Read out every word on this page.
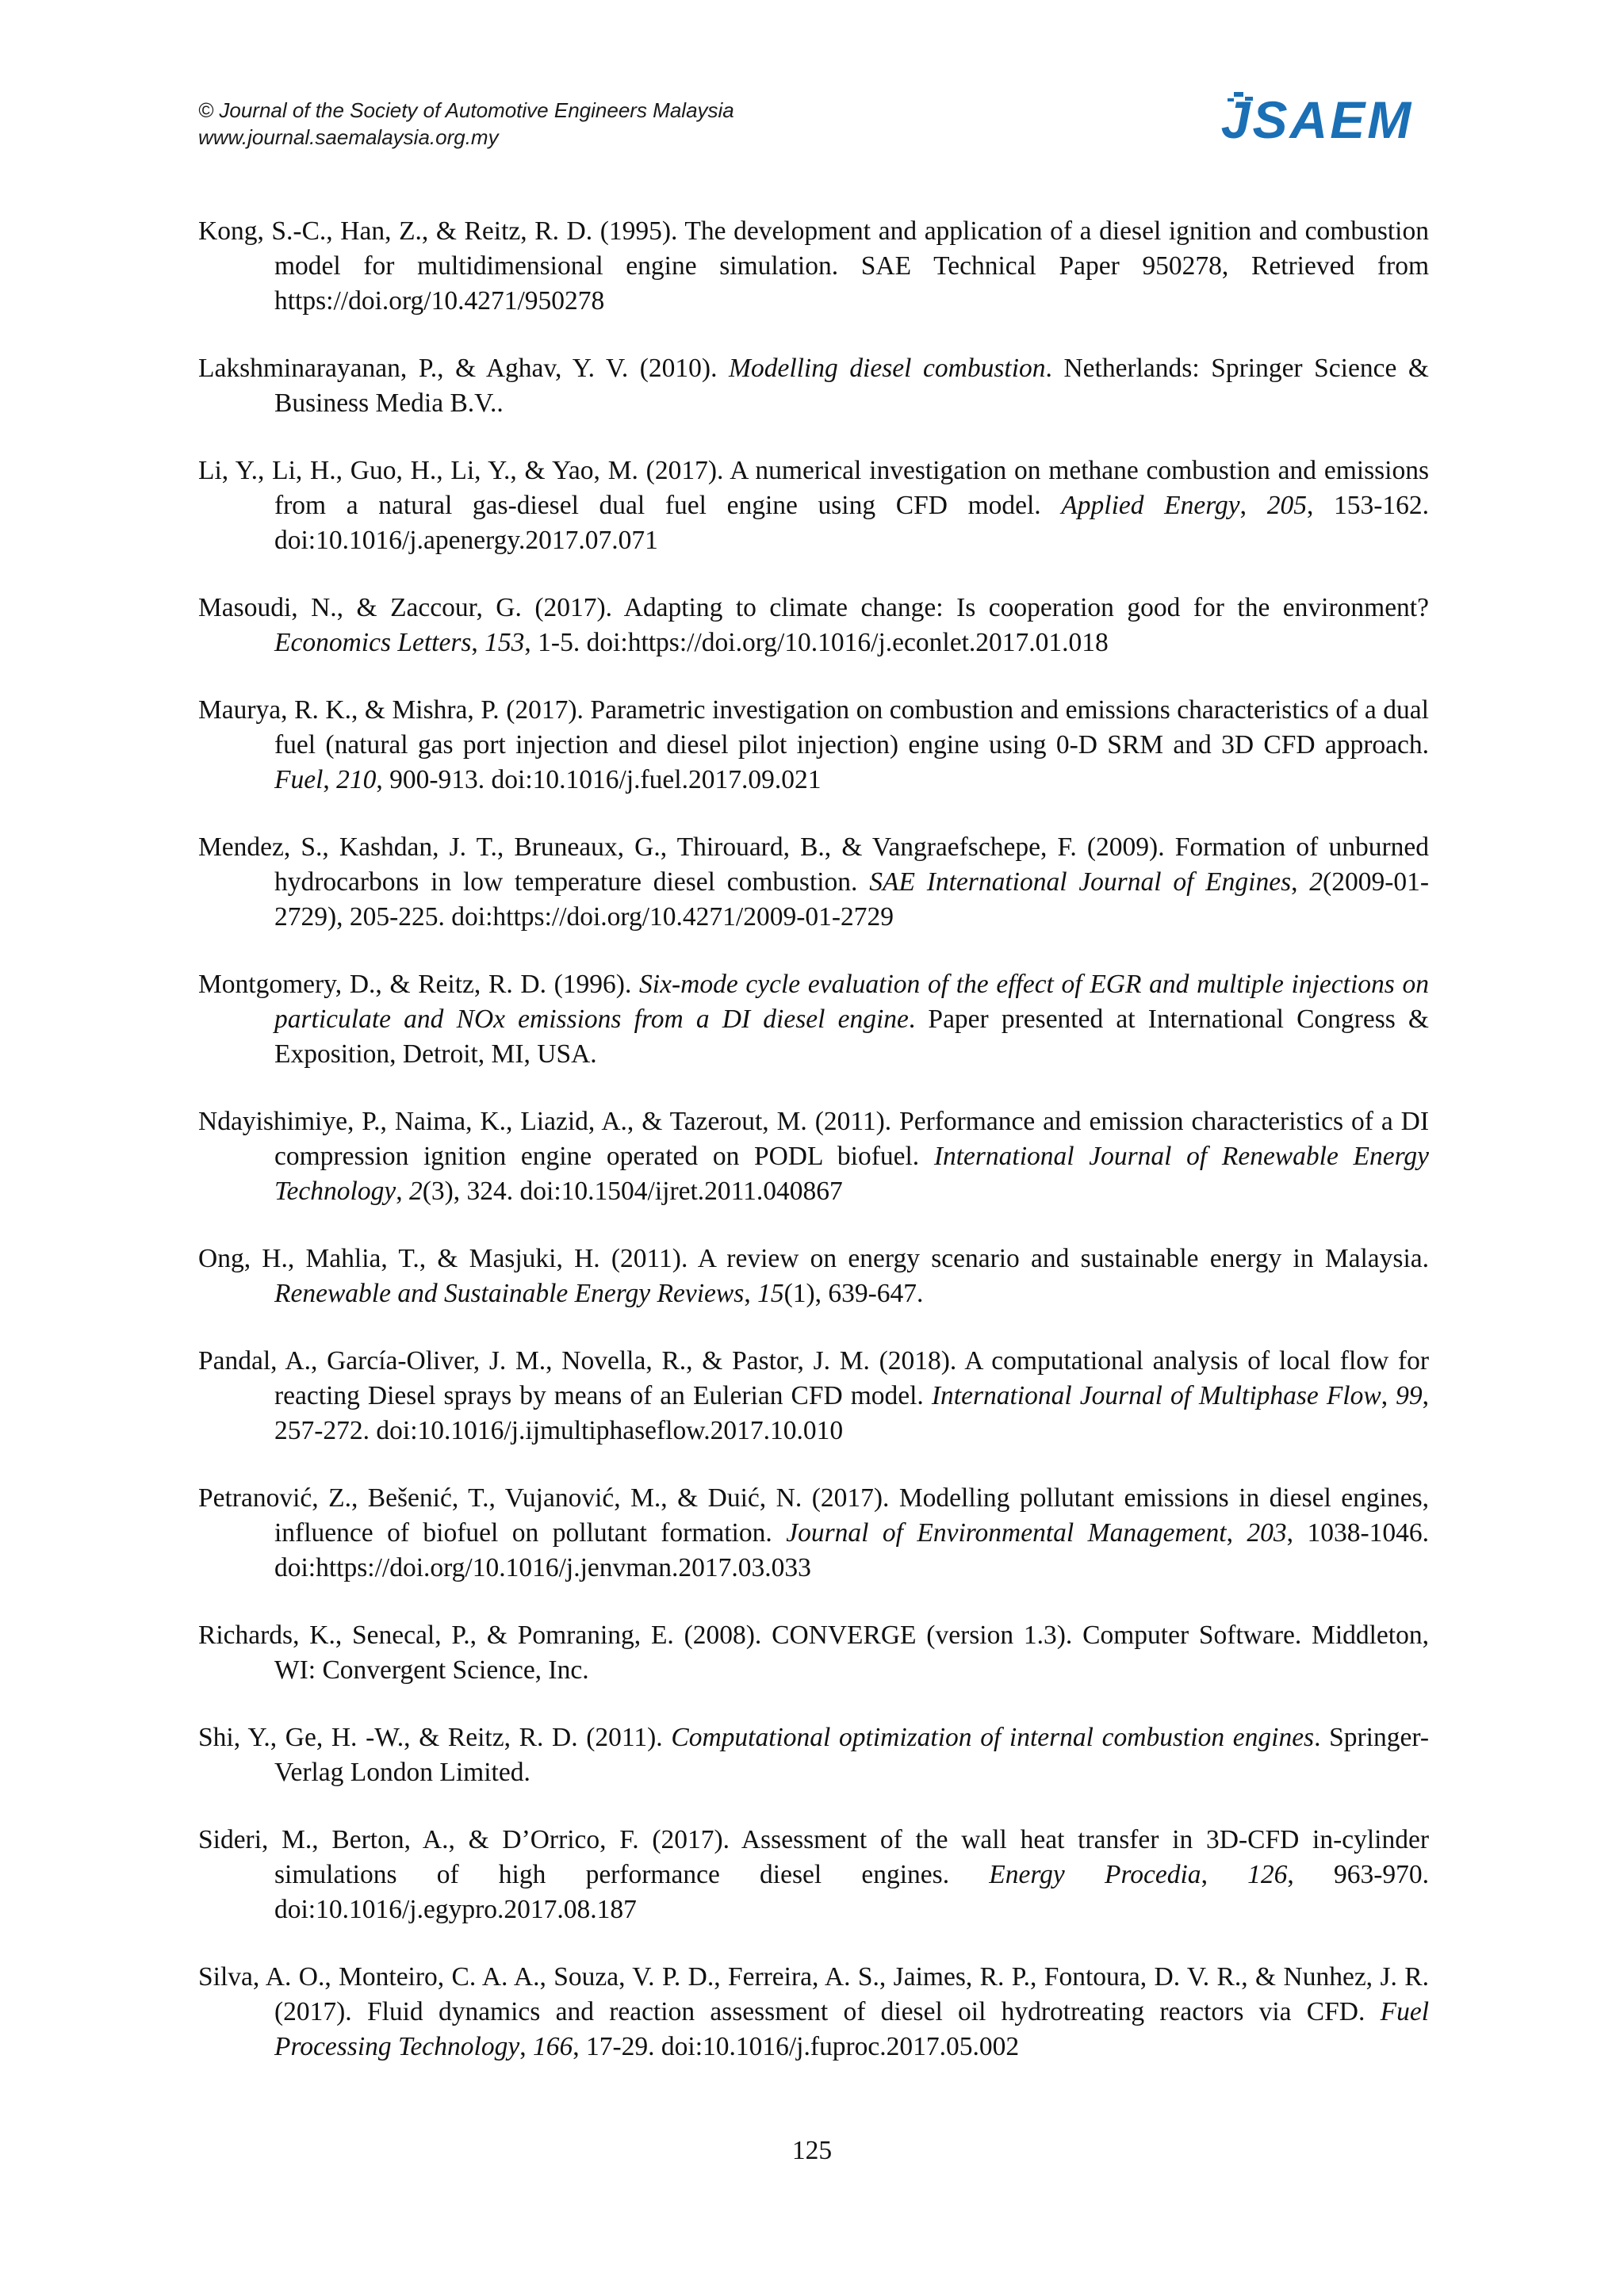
© Journal of the Society of Automotive Engineers Malaysia
www.journal.saemalaysia.org.my	JSAEM

Kong, S.-C., Han, Z., & Reitz, R. D. (1995). The development and application of a diesel ignition and combustion model for multidimensional engine simulation. SAE Technical Paper 950278, Retrieved from https://doi.org/10.4271/950278

Lakshminarayanan, P., & Aghav, Y. V. (2010). Modelling diesel combustion. Netherlands: Springer Science & Business Media B.V..

Li, Y., Li, H., Guo, H., Li, Y., & Yao, M. (2017). A numerical investigation on methane combustion and emissions from a natural gas-diesel dual fuel engine using CFD model. Applied Energy, 205, 153-162. doi:10.1016/j.apenergy.2017.07.071

Masoudi, N., & Zaccour, G. (2017). Adapting to climate change: Is cooperation good for the environment? Economics Letters, 153, 1-5. doi:https://doi.org/10.1016/j.econlet.2017.01.018

Maurya, R. K., & Mishra, P. (2017). Parametric investigation on combustion and emissions characteristics of a dual fuel (natural gas port injection and diesel pilot injection) engine using 0-D SRM and 3D CFD approach. Fuel, 210, 900-913. doi:10.1016/j.fuel.2017.09.021

Mendez, S., Kashdan, J. T., Bruneaux, G., Thirouard, B., & Vangraefschepe, F. (2009). Formation of unburned hydrocarbons in low temperature diesel combustion. SAE International Journal of Engines, 2(2009-01-2729), 205-225. doi:https://doi.org/10.4271/2009-01-2729

Montgomery, D., & Reitz, R. D. (1996). Six-mode cycle evaluation of the effect of EGR and multiple injections on particulate and NOx emissions from a DI diesel engine. Paper presented at International Congress & Exposition, Detroit, MI, USA.

Ndayishimiye, P., Naima, K., Liazid, A., & Tazerout, M. (2011). Performance and emission characteristics of a DI compression ignition engine operated on PODL biofuel. International Journal of Renewable Energy Technology, 2(3), 324. doi:10.1504/ijret.2011.040867

Ong, H., Mahlia, T., & Masjuki, H. (2011). A review on energy scenario and sustainable energy in Malaysia. Renewable and Sustainable Energy Reviews, 15(1), 639-647.

Pandal, A., García-Oliver, J. M., Novella, R., & Pastor, J. M. (2018). A computational analysis of local flow for reacting Diesel sprays by means of an Eulerian CFD model. International Journal of Multiphase Flow, 99, 257-272. doi:10.1016/j.ijmultiphaseflow.2017.10.010

Petranović, Z., Bešenić, T., Vujanović, M., & Duić, N. (2017). Modelling pollutant emissions in diesel engines, influence of biofuel on pollutant formation. Journal of Environmental Management, 203, 1038-1046. doi:https://doi.org/10.1016/j.jenvman.2017.03.033

Richards, K., Senecal, P., & Pomraning, E. (2008). CONVERGE (version 1.3). Computer Software. Middleton, WI: Convergent Science, Inc.

Shi, Y., Ge, H. -W., & Reitz, R. D. (2011). Computational optimization of internal combustion engines. Springer-Verlag London Limited.

Sideri, M., Berton, A., & D’Orrico, F. (2017). Assessment of the wall heat transfer in 3D-CFD in-cylinder simulations of high performance diesel engines. Energy Procedia, 126, 963-970. doi:10.1016/j.egypro.2017.08.187

Silva, A. O., Monteiro, C. A. A., Souza, V. P. D., Ferreira, A. S., Jaimes, R. P., Fontoura, D. V. R., & Nunhez, J. R. (2017). Fluid dynamics and reaction assessment of diesel oil hydrotreating reactors via CFD. Fuel Processing Technology, 166, 17-29. doi:10.1016/j.fuproc.2017.05.002

125
